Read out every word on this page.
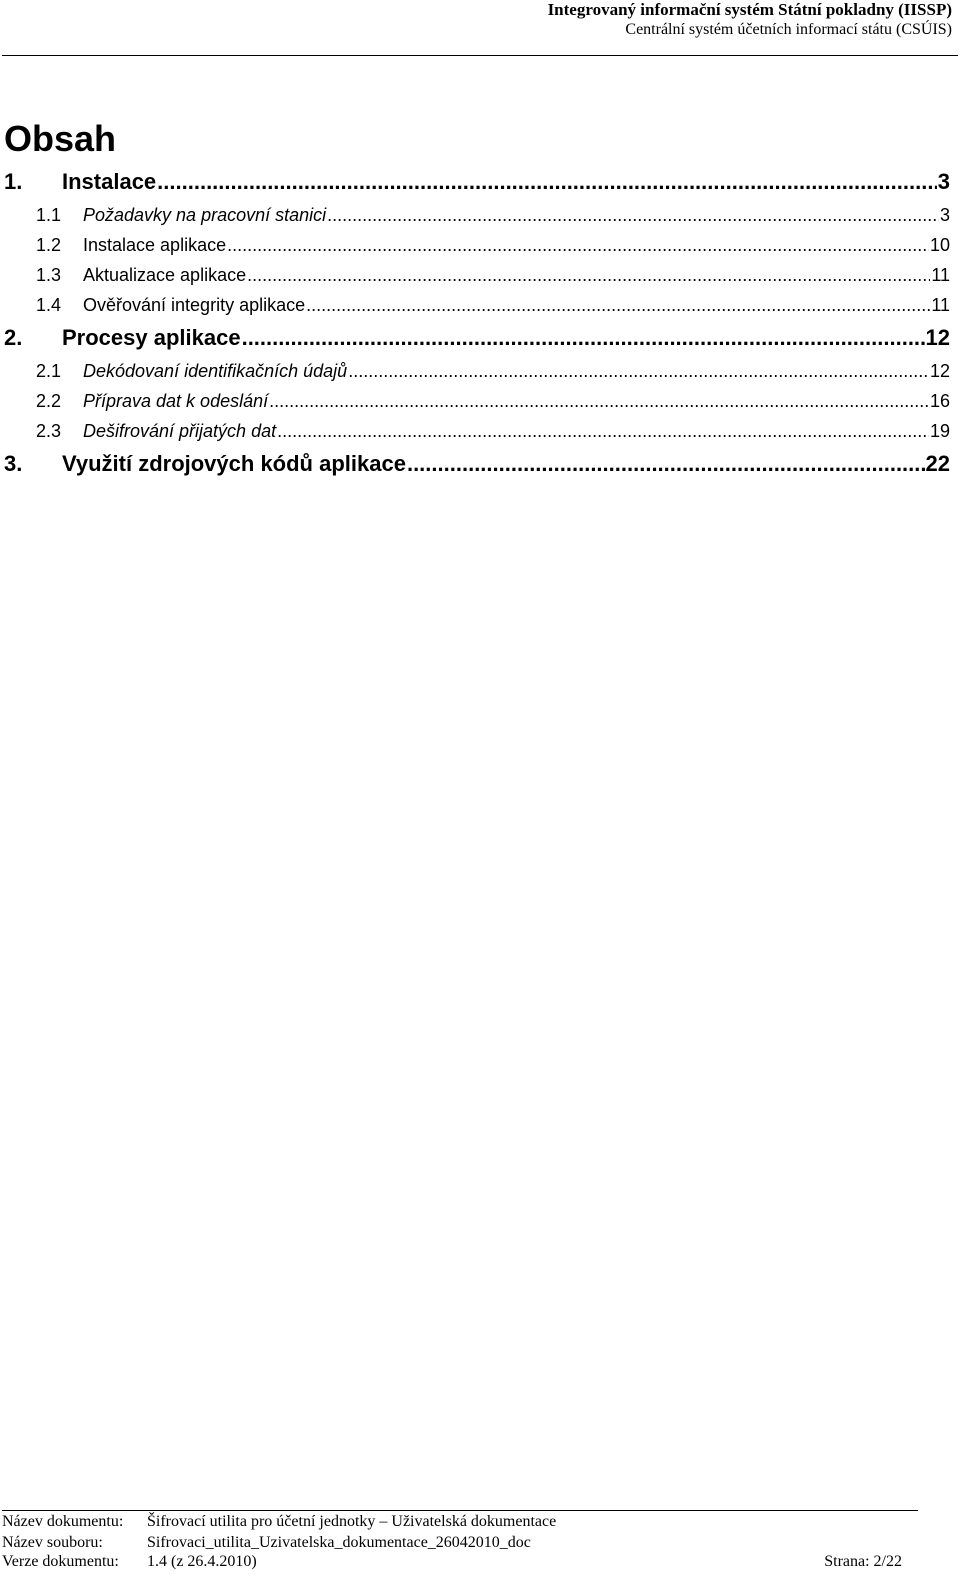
Integrovaný informační systém Státní pokladny (IISSP)
Centrální systém účetních informací státu (CSÚIS)
Obsah
1.	Instalace .....	3
1.1	Požadavky na pracovní stanici .....	3
1.2	Instalace aplikace .....	10
1.3	Aktualizace aplikace .....	11
1.4	Ověřování integrity aplikace .....	11
2.	Procesy aplikace .....	12
2.1	Dekódovaní identifikačních údajů .....	12
2.2	Příprava dat k odeslání .....	16
2.3	Dešifrování přijatých dat .....	19
3.	Využití zdrojových kódů aplikace .....	22
Název dokumentu: Šifrovací utilita pro účetní jednotky – Uživatelská dokumentace
Název souboru:	Sifrovaci_utilita_Uzivatelska_dokumentace_26042010_doc
Verze dokumentu: 1.4 (z 26.4.2010)	Strana: 2/22
